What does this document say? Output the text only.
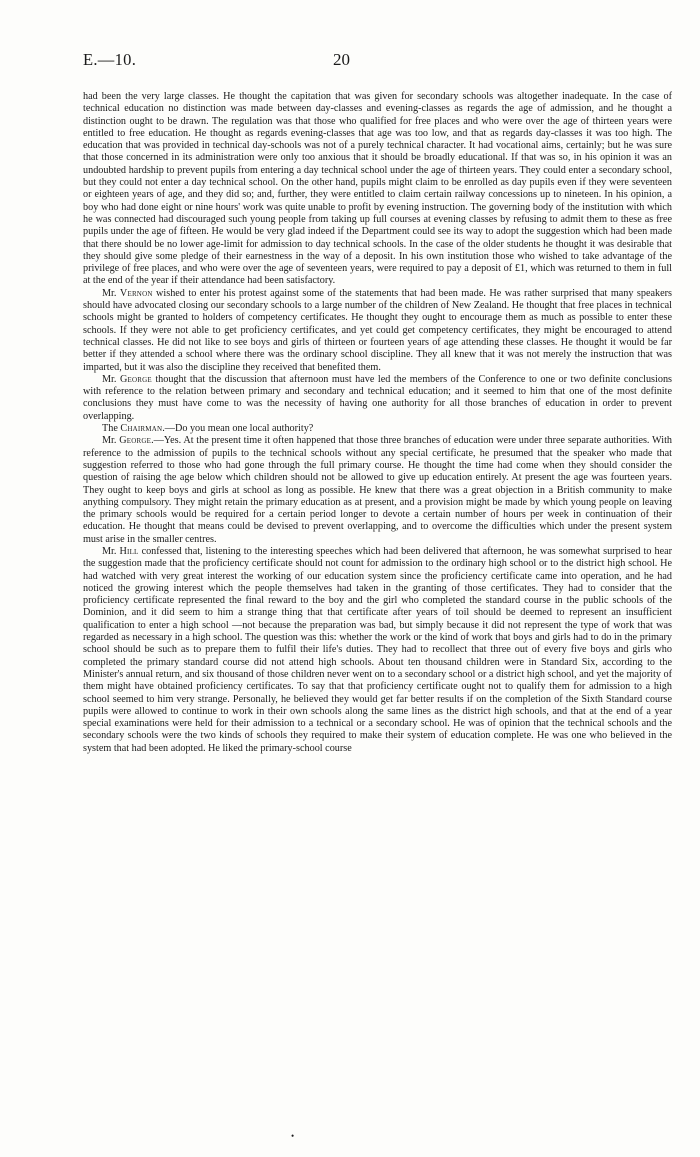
E.—10.	20

had been the very large classes. He thought the capitation that was given for secondary schools was altogether inadequate. In the case of technical education no distinction was made between day-classes and evening-classes as regards the age of admission, and he thought a distinction ought to be drawn. The regulation was that those who qualified for free places and who were over the age of thirteen years were entitled to free education. He thought as regards evening-classes that age was too low, and that as regards day-classes it was too high. The education that was provided in technical day-schools was not of a purely technical character. It had vocational aims, certainly; but he was sure that those concerned in its administration were only too anxious that it should be broadly educational. If that was so, in his opinion it was an undoubted hardship to prevent pupils from entering a day technical school under the age of thirteen years. They could enter a secondary school, but they could not enter a day technical school. On the other hand, pupils might claim to be enrolled as day pupils even if they were seventeen or eighteen years of age, and they did so; and, further, they were entitled to claim certain railway concessions up to nineteen. In his opinion, a boy who had done eight or nine hours' work was quite unable to profit by evening instruction. The governing body of the institution with which he was connected had discouraged such young people from taking up full courses at evening classes by refusing to admit them to these as free pupils under the age of fifteen. He would be very glad indeed if the Department could see its way to adopt the suggestion which had been made that there should be no lower age-limit for admission to day technical schools. In the case of the older students he thought it was desirable that they should give some pledge of their earnestness in the way of a deposit. In his own institution those who wished to take advantage of the privilege of free places, and who were over the age of seventeen years, were required to pay a deposit of £1, which was returned to them in full at the end of the year if their attendance had been satisfactory.

Mr. Vernon wished to enter his protest against some of the statements that had been made. He was rather surprised that many speakers should have advocated closing our secondary schools to a large number of the children of New Zealand. He thought that free places in technical schools might be granted to holders of competency certificates. He thought they ought to encourage them as much as possible to enter these schools. If they were not able to get proficiency certificates, and yet could get competency certificates, they might be encouraged to attend technical classes. He did not like to see boys and girls of thirteen or fourteen years of age attending these classes. He thought it would be far better if they attended a school where there was the ordinary school discipline. They all knew that it was not merely the instruction that was imparted, but it was also the discipline they received that benefited them.

Mr. George thought that the discussion that afternoon must have led the members of the Conference to one or two definite conclusions with reference to the relation between primary and secondary and technical education; and it seemed to him that one of the most definite conclusions they must have come to was the necessity of having one authority for all those branches of education in order to prevent overlapping.

The Chairman.—Do you mean one local authority?

Mr. George.—Yes. At the present time it often happened that those three branches of education were under three separate authorities. With reference to the admission of pupils to the technical schools without any special certificate, he presumed that the speaker who made that suggestion referred to those who had gone through the full primary course. He thought the time had come when they should consider the question of raising the age below which children should not be allowed to give up education entirely. At present the age was fourteen years. They ought to keep boys and girls at school as long as possible. He knew that there was a great objection in a British community to make anything compulsory. They might retain the primary education as at present, and a provision might be made by which young people on leaving the primary schools would be required for a certain period longer to devote a certain number of hours per week in continuation of their education. He thought that means could be devised to prevent overlapping, and to overcome the difficulties which under the present system must arise in the smaller centres.

Mr. Hill confessed that, listening to the interesting speeches which had been delivered that afternoon, he was somewhat surprised to hear the suggestion made that the proficiency certificate should not count for admission to the ordinary high school or to the district high school. He had watched with very great interest the working of our education system since the proficiency certificate came into operation, and he had noticed the growing interest which the people themselves had taken in the granting of those certificates. They had to consider that the proficiency certificate represented the final reward to the boy and the girl who completed the standard course in the public schools of the Dominion, and it did seem to him a strange thing that that certificate after years of toil should be deemed to represent an insufficient qualification to enter a high school —not because the preparation was bad, but simply because it did not represent the type of work that was regarded as necessary in a high school. The question was this: whether the work or the kind of work that boys and girls had to do in the primary school should be such as to prepare them to fulfil their life's duties. They had to recollect that three out of every five boys and girls who completed the primary standard course did not attend high schools. About ten thousand children were in Standard Six, according to the Minister's annual return, and six thousand of those children never went on to a secondary school or a district high school, and yet the majority of them might have obtained proficiency certificates. To say that that proficiency certificate ought not to qualify them for admission to a high school seemed to him very strange. Personally, he believed they would get far better results if on the completion of the Sixth Standard course pupils were allowed to continue to work in their own schools along the same lines as the district high schools, and that at the end of a year special examinations were held for their admission to a technical or a secondary school. He was of opinion that the technical schools and the secondary schools were the two kinds of schools they required to make their system of education complete. He was one who believed in the system that had been adopted. He liked the primary-school course

•
